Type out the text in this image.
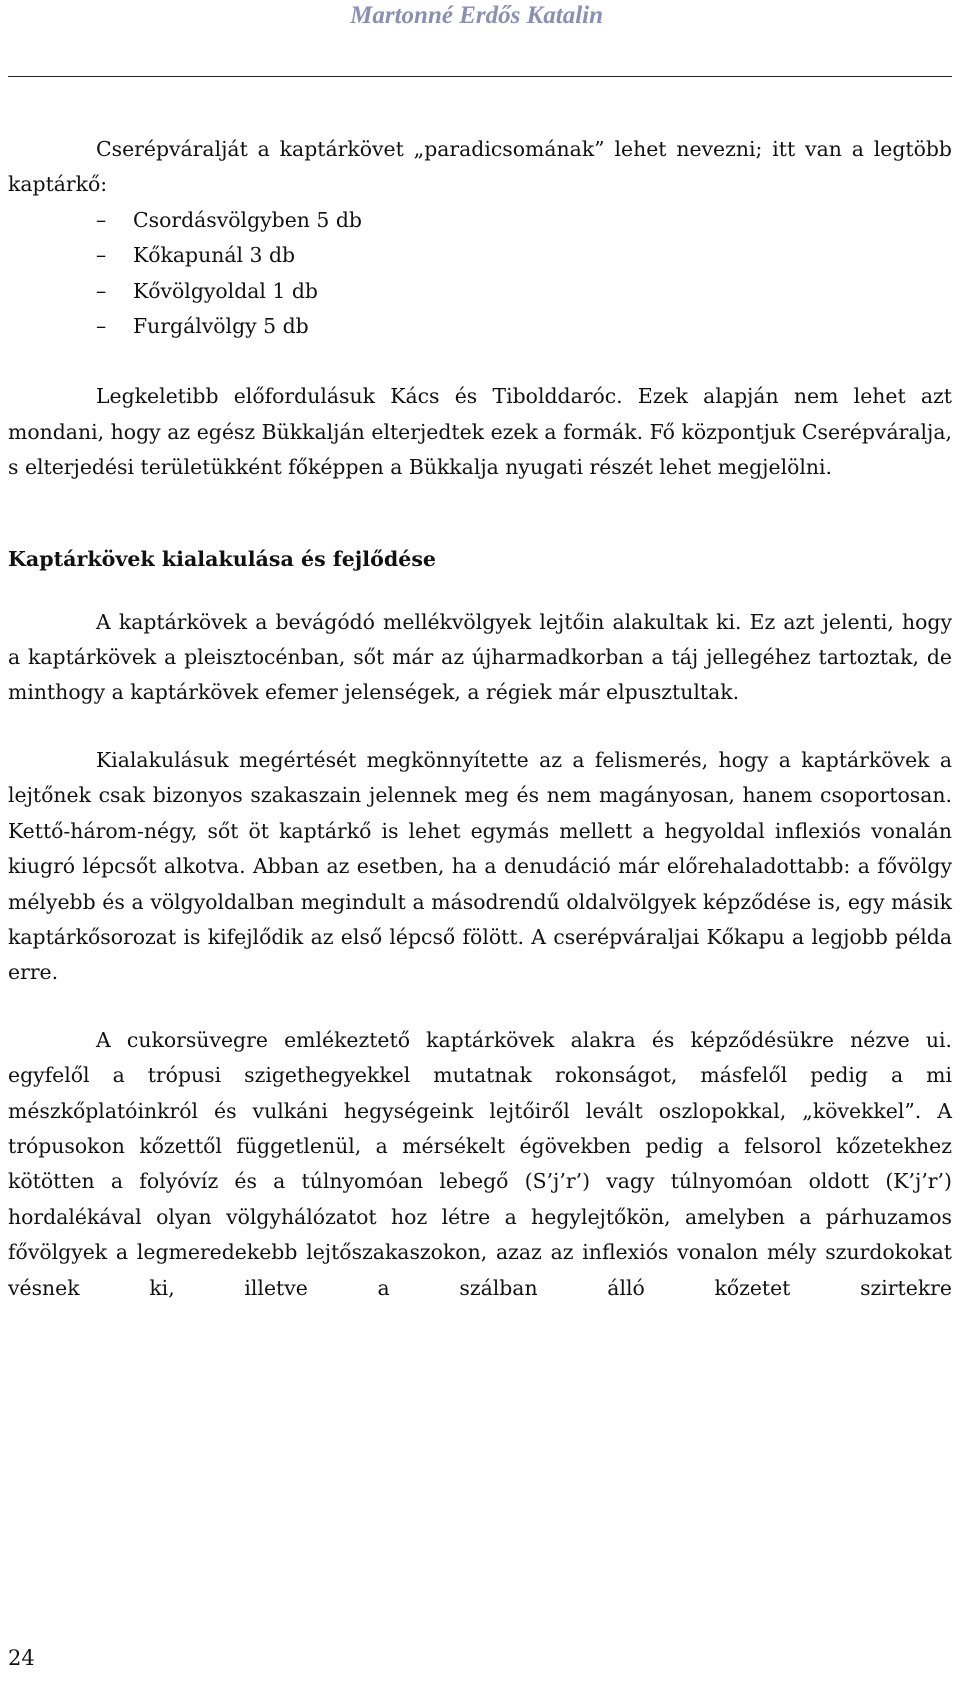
Martonné Erdős Katalin

Cserépváralját a kaptárkövet „paradicsomának” lehet nevezni; itt van a legtöbb kaptárkő:

– Csordásvölgyben 5 db
– Kőkapunál 3 db
– Kővölgyoldal 1 db
– Furgálvölgy 5 db

Legkeletibb előfordulásuk Kács és Tibolddaróc. Ezek alapján nem lehet azt mondani, hogy az egész Bükkalján elterjedtek ezek a formák. Fő központjuk Cserépváralja, s elterjedési területükként főképpen a Bükkalja nyugati részét lehet megjelölni.

Kaptárkövek kialakulása és fejlődése

A kaptárkövek a bevágódó mellékvölgyek lejtőin alakultak ki. Ez azt jelenti, hogy a kaptárkövek a pleisztocénban, sőt már az újharmadkorban a táj jellegéhez tartoztak, de minthogy a kaptárkövek efemer jelenségek, a régiek már elpusztultak.

Kialakulásuk megértését megkönnyítette az a felismerés, hogy a kaptárkövek a lejtőnek csak bizonyos szakaszain jelennek meg és nem magányosan, hanem csoportosan. Kettő-három-négy, sőt öt kaptárkő is lehet egymás mellett a hegyoldal inflexiós vonalán kiugró lépcsőt alkotva. Abban az esetben, ha a denudáció már előrehaladottabb: a fővölgy mélyebb és a völgyoldalban megindult a másodrendű oldalvölgyek képződése is, egy másik kaptárkősorozat is kifejlődik az első lépcső fölött. A cserépváraljai Kőkapu a legjobb példa erre.

A cukorsüvegre emlékeztető kaptárkövek alakra és képződésükre nézve ui. egyfelől a trópusi szigethegyekkel mutatnak rokonságot, másfelől pedig a mi mészkőplatóinkról és vulkáni hegységeink lejtőiről levált oszlopokkal, „kövekkel”. A trópusokon kőzettől függetlenül, a mérsékelt égövekben pedig a felsorol kőzetekhez kötötten a folyóvíz és a túlnyomóan lebegő (S’j’r’) vagy túlnyomóan oldott (K’j’r’) hordalékával olyan völgyhálózatot hoz létre a hegylejtőkön, amelyben a párhuzamos fővölgyek a legmeredekebb lejtőszakaszokon, azaz az inflexiós vonalon mély szurdokokat vésnek ki, illetve a szálban álló kőzetet szirtekre

24
